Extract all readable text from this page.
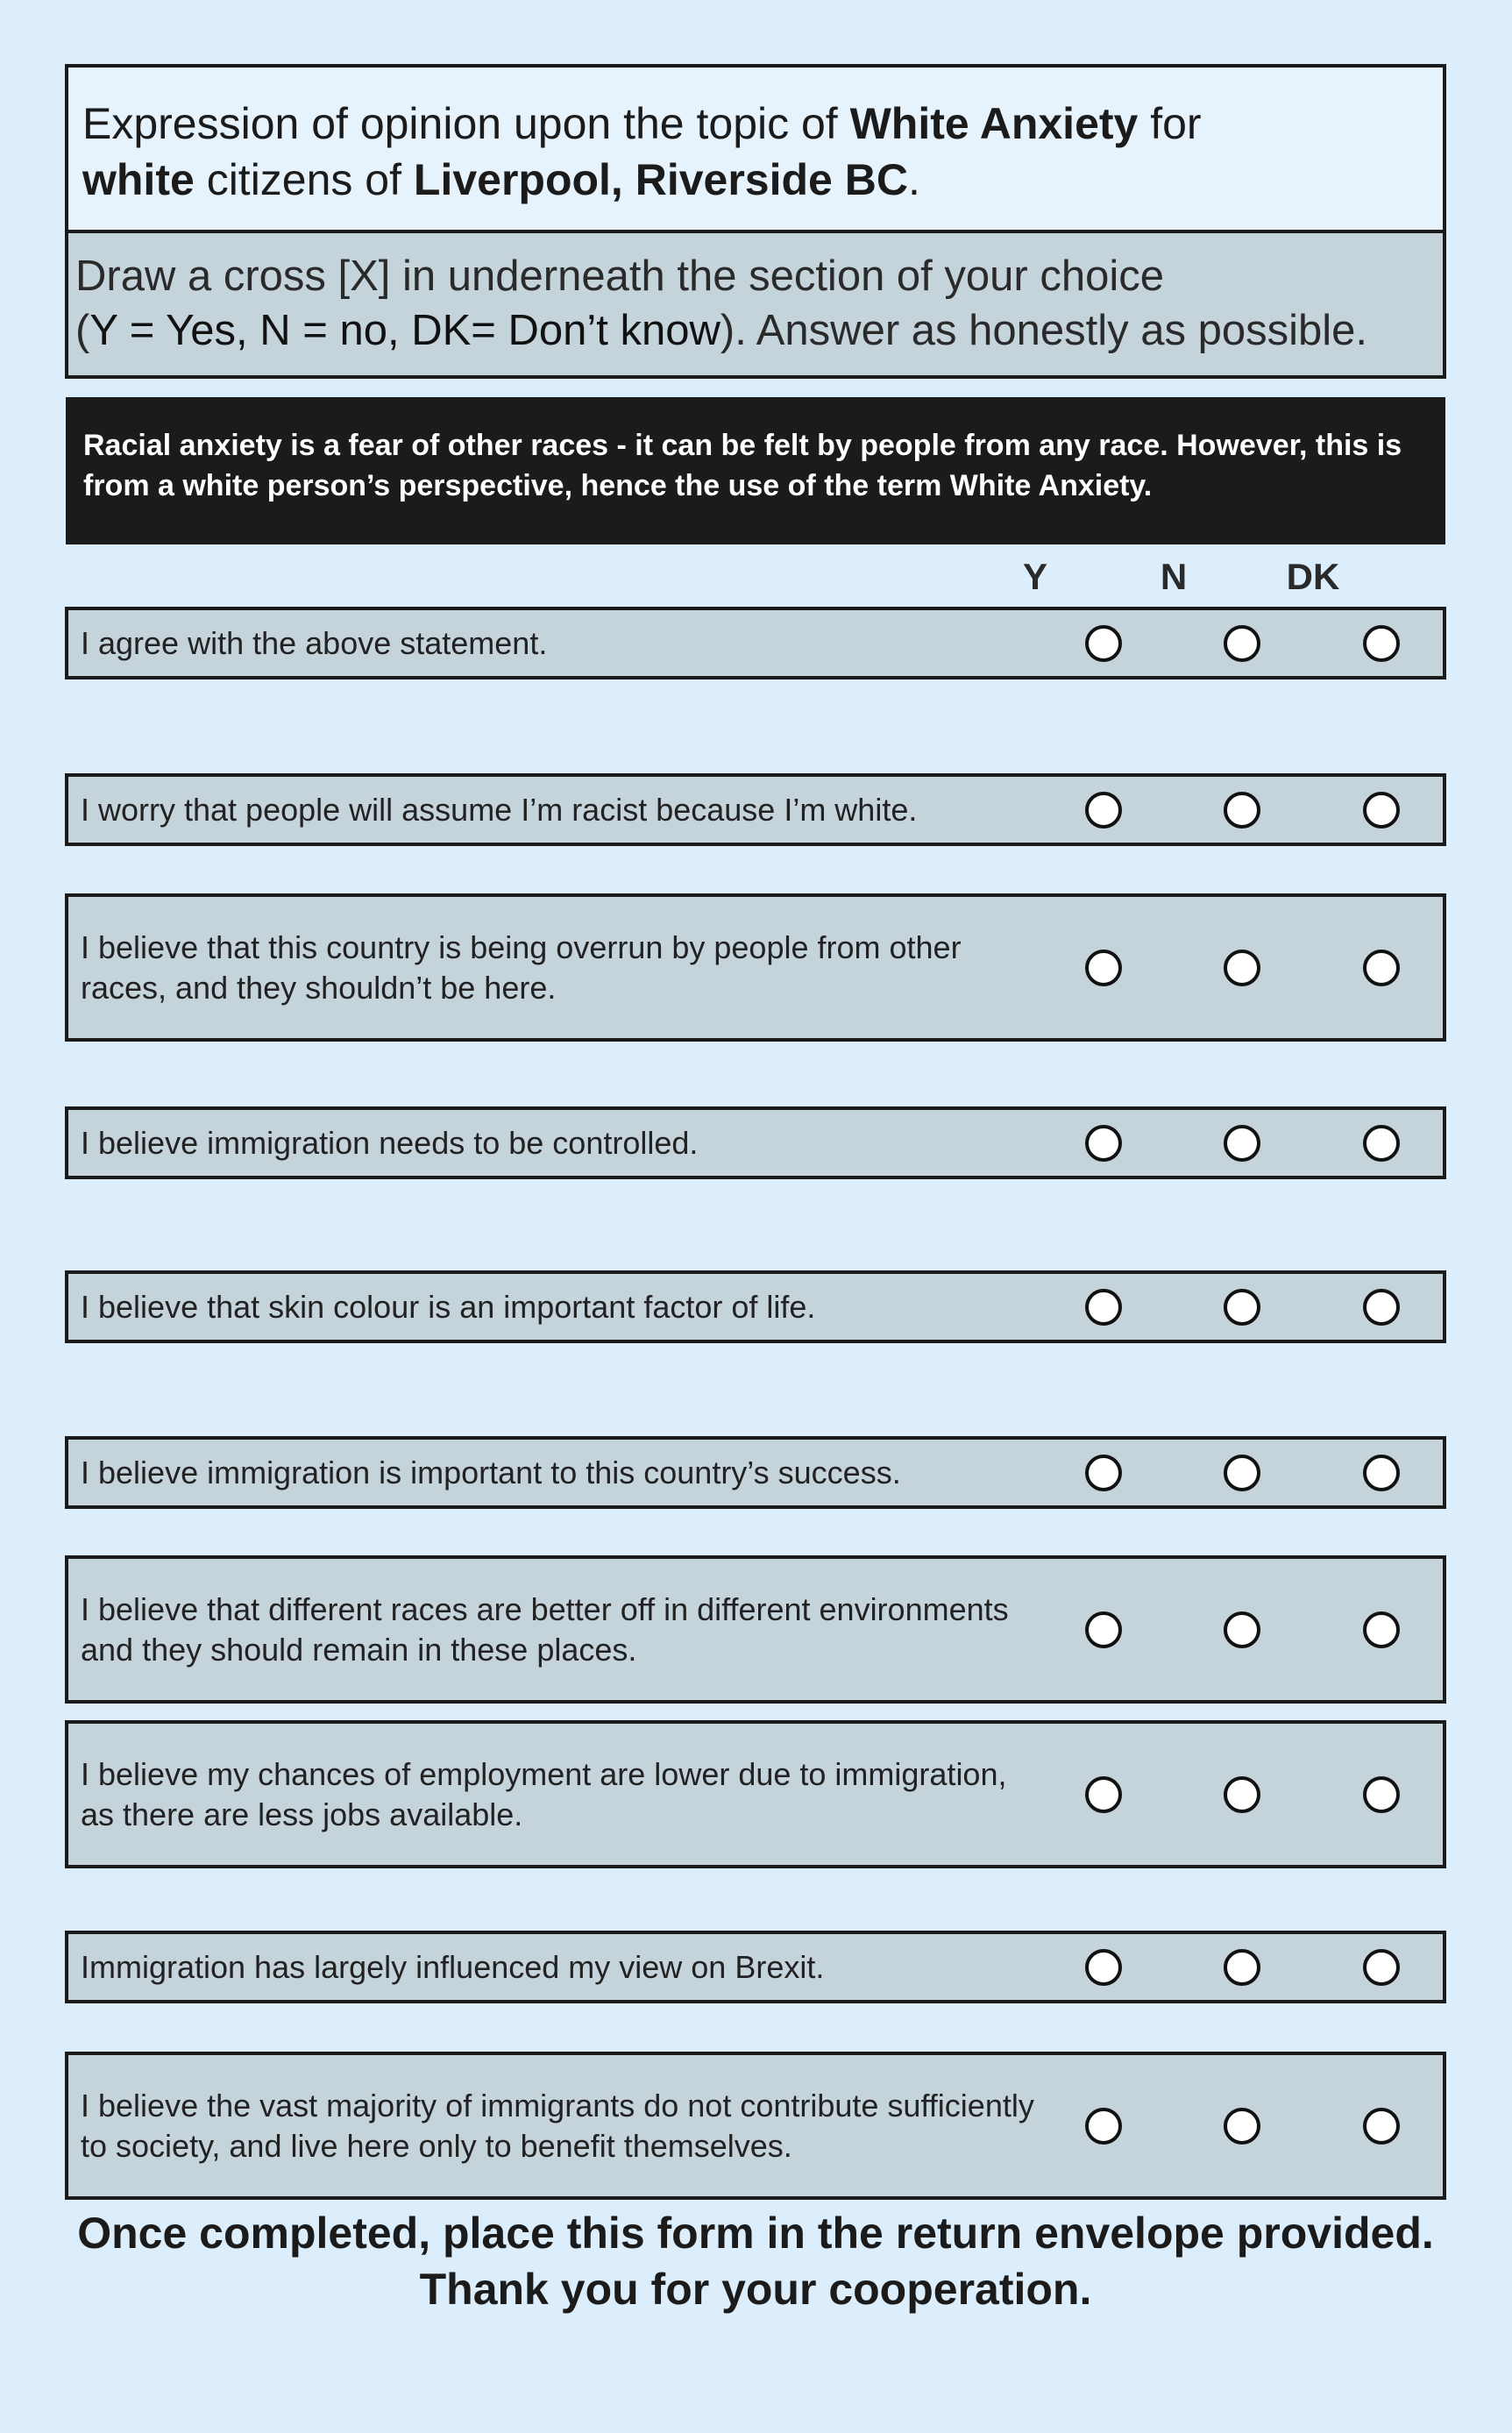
Expression of opinion upon the topic of White Anxiety for
white citizens of Liverpool, Riverside BC.
Draw a cross [X] in underneath the section of your choice
(Y = Yes, N = no, DK= Don’t know). Answer as honestly as possible.
Racial anxiety is a fear of other races - it can be felt by people from any race. However, this is from a white person’s perspective, hence the use of the term White Anxiety.
Y	N	DK
I agree with the above statement.
I worry that people will assume I’m racist because I’m white.
I believe that this country is being overrun by people from other races, and they shouldn’t be here.
I believe immigration needs to be controlled.
I believe that skin colour is an important factor of life.
I believe immigration is important to this country’s success.
I believe that different races are better off in different environments and they should remain in these places.
I believe my chances of employment are lower due to immigration, as there are less jobs available.
Immigration has largely influenced my view on Brexit.
I believe the vast majority of immigrants do not contribute sufficiently to society, and live here only to benefit themselves.
Once completed, place this form in the return envelope provided. Thank you for your cooperation.
